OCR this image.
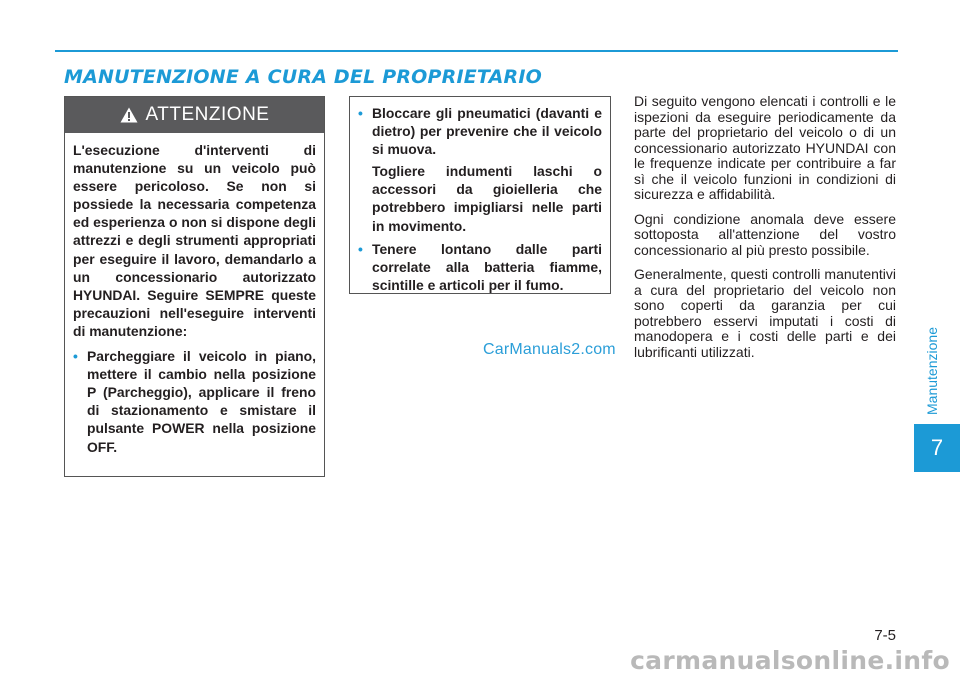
MANUTENZIONE A CURA DEL PROPRIETARIO
Manutenzione
7
ATTENZIONE

L'esecuzione d'interventi di manutenzione su un veicolo può essere pericoloso. Se non si possiede la necessaria competenza ed esperienza o non si dispone degli attrezzi e degli strumenti appropriati per eseguire il lavoro, demandarlo a un concessionario autorizzato HYUNDAI. Seguire SEMPRE queste precauzioni nell'eseguire interventi di manutenzione:

• Parcheggiare il veicolo in piano, mettere il cambio nella posizione P (Parcheggio), applicare il freno di stazionamento e smistare il pulsante POWER nella posizione OFF.
• Bloccare gli pneumatici (davanti e dietro) per prevenire che il veicolo si muova.

Togliere indumenti laschi o accessori da gioielleria che potrebbero impigliarsi nelle parti in movimento.

• Tenere lontano dalle parti correlate alla batteria fiamme, scintille e articoli per il fumo.

Di seguito vengono elencati i controlli e le ispezioni da eseguire periodicamente da parte del proprietario del veicolo o di un concessionario autorizzato HYUNDAI con le frequenze indicate per contribuire a far sì che il veicolo funzioni in condizioni di sicurezza e affidabilità.

Ogni condizione anomala deve essere sottoposta all'attenzione del vostro concessionario al più presto possibile.

Generalmente, questi controlli manutentivi a cura del proprietario del veicolo non sono coperti da garanzia per cui potrebbero esservi imputati i costi di manodopera e i costi delle parti e dei lubrificanti utilizzati.

CarManuals2.com
7-5
carmanualsonline.info
